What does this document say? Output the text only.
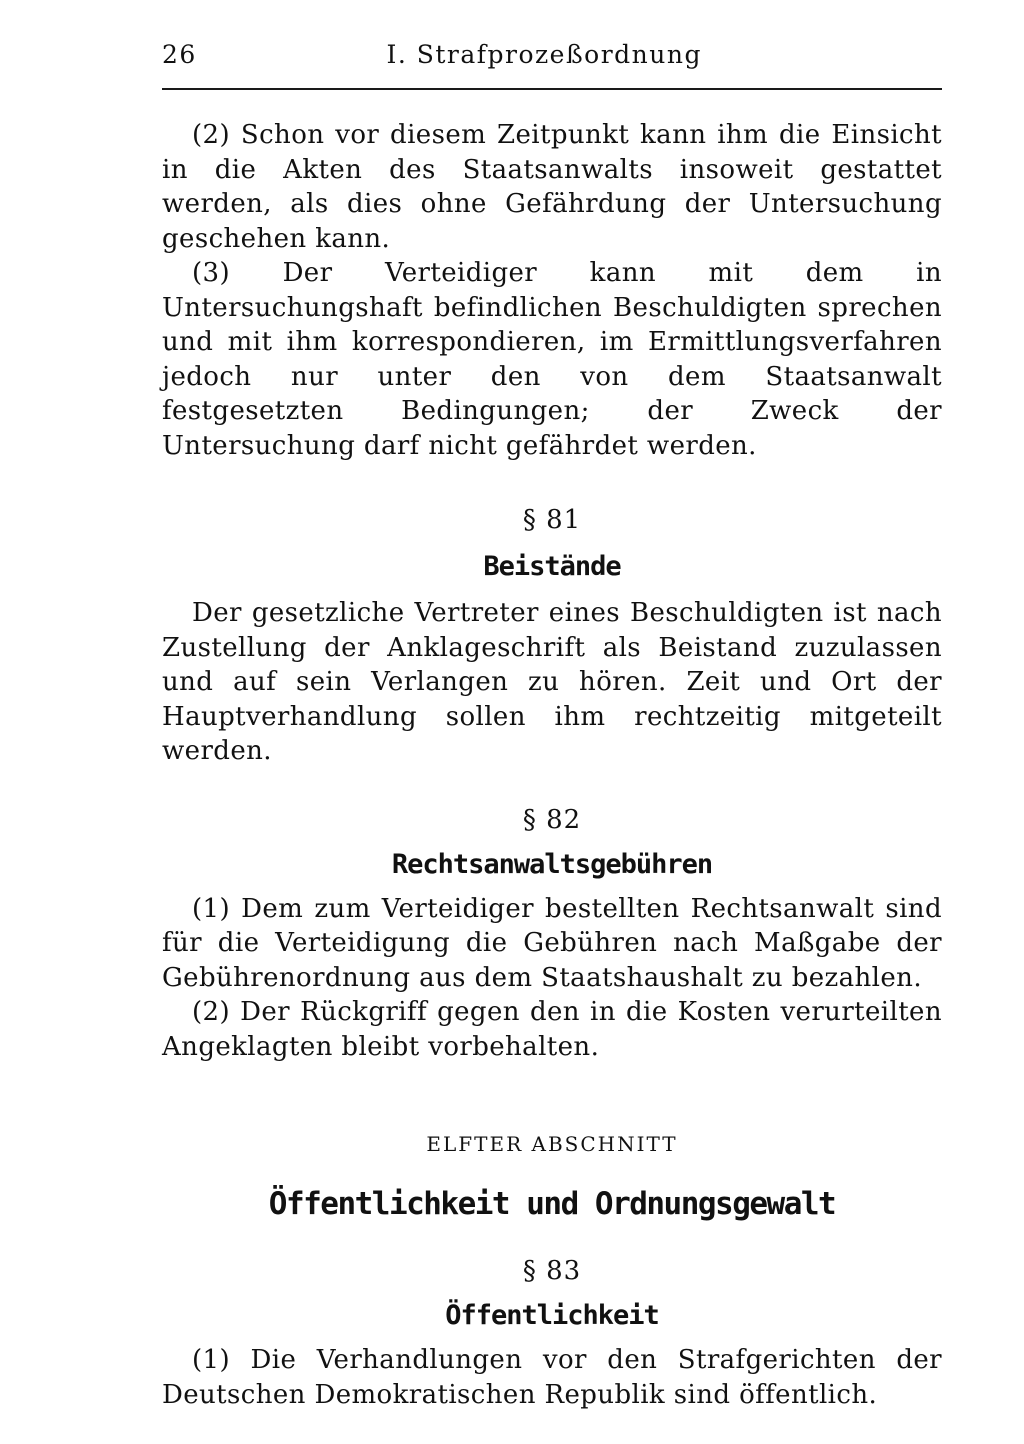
26	I. Strafprozeßordnung

(2) Schon vor diesem Zeitpunkt kann ihm die Einsicht in die Akten des Staatsanwalts insoweit gestattet werden, als dies ohne Gefährdung der Untersuchung geschehen kann.

(3) Der Verteidiger kann mit dem in Untersuchungshaft befindlichen Beschuldigten sprechen und mit ihm korrespondieren, im Ermittlungsverfahren jedoch nur unter den von dem Staatsanwalt festgesetzten Bedingungen; der Zweck der Untersuchung darf nicht gefährdet werden.

§ 81
Beistände

Der gesetzliche Vertreter eines Beschuldigten ist nach Zustellung der Anklageschrift als Beistand zuzulassen und auf sein Verlangen zu hören. Zeit und Ort der Hauptverhandlung sollen ihm rechtzeitig mitgeteilt werden.

§ 82
Rechtsanwaltsgebühren

(1) Dem zum Verteidiger bestellten Rechtsanwalt sind für die Verteidigung die Gebühren nach Maßgabe der Gebührenordnung aus dem Staatshaushalt zu bezahlen.

(2) Der Rückgriff gegen den in die Kosten verurteilten Angeklagten bleibt vorbehalten.

ELFTER ABSCHNITT
Öffentlichkeit und Ordnungsgewalt
§ 83
Öffentlichkeit

(1) Die Verhandlungen vor den Strafgerichten der Deutschen Demokratischen Republik sind öffentlich.
